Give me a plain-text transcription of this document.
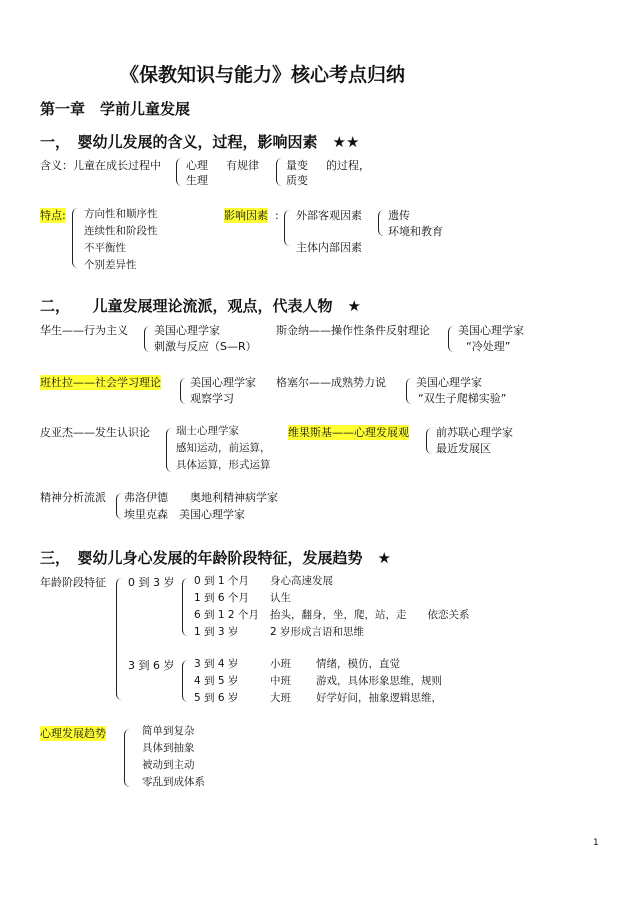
《保教知识与能力》核心考点归纳
第一章　学前儿童发展
一，　婴幼儿发展的含义，过程，影响因素　★★
含义：儿童在成长过程中 心理
生理
有规律 量变
质变
的过程，
特点: 方向性和顺序性
连续性和阶段性
不平衡性
个别差异性
影响因素 : 外部客观因素
主体内部因素
遗传
环境和教育
二，　　儿童发展理论流派，观点，代表人物　★
华生——行为主义 美国心理学家
刺激与反应（S—R）
斯金纳——操作性条件反射理论	美国心理学家
“冷处理”
班杜拉——社会学习理论	美国心理学家
观察学习
格塞尔——成熟势力说	美国心理学家
“双生子爬梯实验”
皮亚杰——发生认识论 瑞士心理学家
感知运动，前运算，
具体运算，形式运算
维果斯基——心理发展观 前苏联心理学家
最近发展区
精神分析流派 弗洛伊德　　奥地利精神病学家
埃里克森　美国心理学家
三，　婴幼儿身心发展的年龄阶段特征，发展趋势　★
年龄阶段特征 0 到 3 岁 0 到 1 个月 身心高速发展
1 到 6 个月 认生
6 到 1 2 个月 抬头，翻身，坐，爬，站，走　　依恋关系
1 到 3 岁	2 岁形成言语和思维
3 到 6 岁 3 到 4 岁	小班 情绪，模仿，直觉
4 到 5 岁	中班 游戏，具体形象思维，规则
5 到 6 岁	大班 好学好问，抽象逻辑思维，
心理发展趋势	简单到复杂
具体到抽象
被动到主动
零乱到成体系
1
